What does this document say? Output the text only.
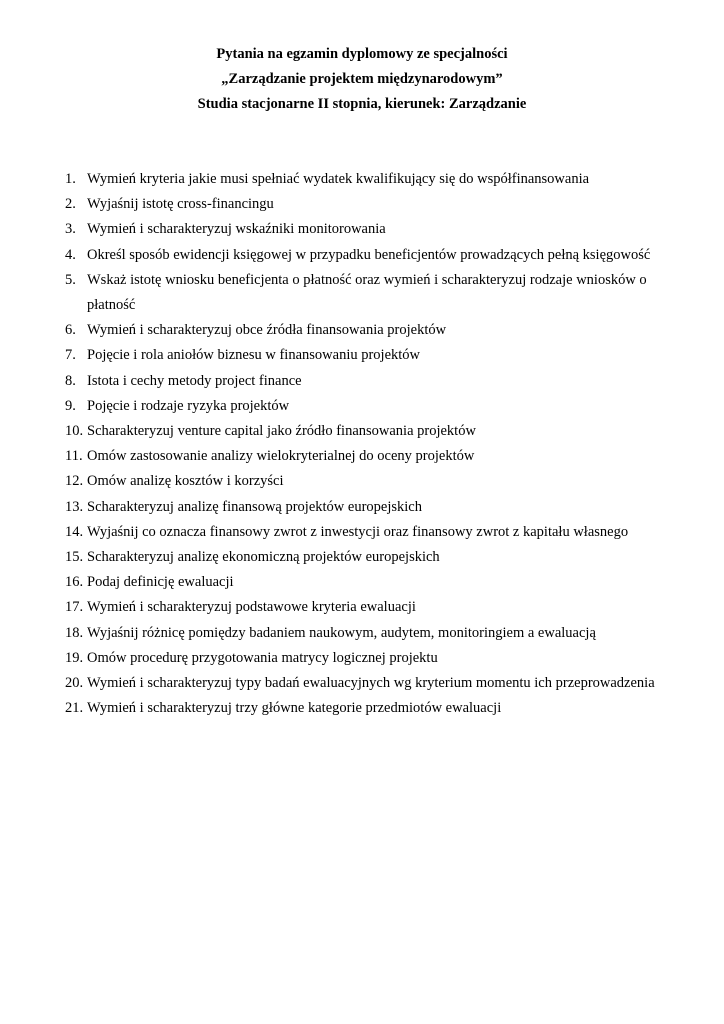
Pytania na egzamin dyplomowy ze specjalności

„Zarządzanie projektem międzynarodowym”

Studia stacjonarne II stopnia, kierunek: Zarządzanie

1. Wymień kryteria jakie musi spełniać wydatek kwalifikujący się do współfinansowania
2. Wyjaśnij istotę cross-financingu
3. Wymień i scharakteryzuj wskaźniki monitorowania
4. Określ sposób ewidencji księgowej w przypadku beneficjentów prowadzących pełną księgowość
5. Wskaż istotę wniosku beneficjenta o płatność oraz wymień i scharakteryzuj rodzaje wniosków o płatność
6. Wymień i scharakteryzuj obce źródła finansowania projektów
7. Pojęcie i rola aniołów biznesu w finansowaniu projektów
8. Istota i cechy metody project finance
9. Pojęcie i rodzaje ryzyka projektów
10. Scharakteryzuj venture capital jako źródło finansowania projektów
11. Omów zastosowanie analizy wielokryterialnej do oceny projektów
12. Omów analizę kosztów i korzyści
13. Scharakteryzuj analizę finansową projektów europejskich
14. Wyjaśnij co oznacza finansowy zwrot z inwestycji oraz finansowy zwrot z kapitału własnego
15. Scharakteryzuj analizę ekonomiczną projektów europejskich
16. Podaj definicję ewaluacji
17. Wymień i scharakteryzuj podstawowe kryteria ewaluacji
18. Wyjaśnij różnicę pomiędzy badaniem naukowym, audytem, monitoringiem a ewaluacją
19. Omów procedurę przygotowania matrycy logicznej projektu
20. Wymień i scharakteryzuj typy badań ewaluacyjnych wg kryterium momentu ich przeprowadzenia
21. Wymień i scharakteryzuj trzy główne kategorie przedmiotów ewaluacji
